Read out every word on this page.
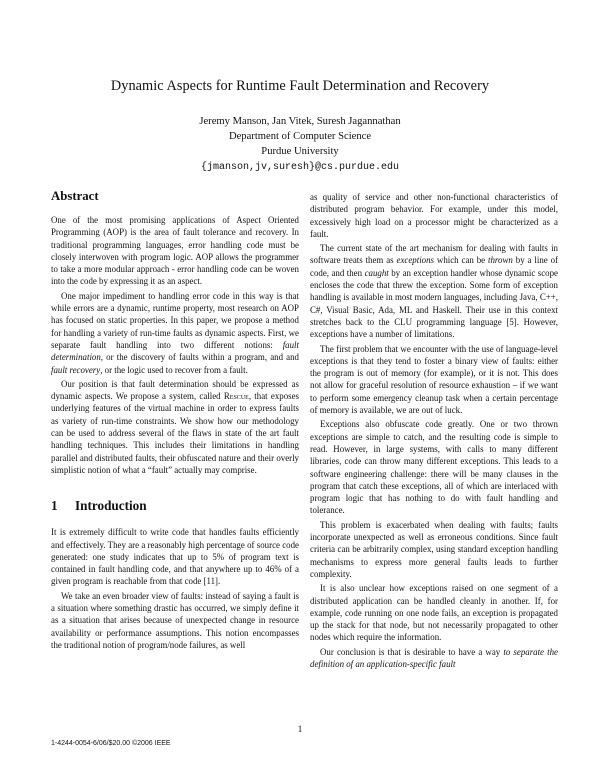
Dynamic Aspects for Runtime Fault Determination and Recovery
Jeremy Manson, Jan Vitek, Suresh Jagannathan
Department of Computer Science
Purdue University
{jmanson,jv,suresh}@cs.purdue.edu
Abstract

One of the most promising applications of Aspect Oriented Programming (AOP) is the area of fault tolerance and recovery. In traditional programming languages, error handling code must be closely interwoven with program logic. AOP allows the programmer to take a more modular approach - error handling code can be woven into the code by expressing it as an aspect.

One major impediment to handling error code in this way is that while errors are a dynamic, runtime property, most research on AOP has focused on static properties. In this paper, we propose a method for handling a variety of run-time faults as dynamic aspects. First, we separate fault handling into two different notions: fault determination, or the discovery of faults within a program, and and fault recovery, or the logic used to recover from a fault.

Our position is that fault determination should be expressed as dynamic aspects. We propose a system, called Rescue, that exposes underlying features of the virtual machine in order to express faults as variety of run-time constraints. We show how our methodology can be used to address several of the flaws in state of the art fault handling techniques. This includes their limitations in handling parallel and distributed faults, their obfuscated nature and their overly simplistic notion of what a “fault” actually may comprise.

1 Introduction

It is extremely difficult to write code that handles faults efficiently and effectively. They are a reasonably high percentage of source code generated: one study indicates that up to 5% of program text is contained in fault handling code, and that anywhere up to 46% of a given program is reachable from that code [11].

We take an even broader view of faults: instead of saying a fault is a situation where something drastic has occurred, we simply define it as a situation that arises because of unexpected change in resource availability or performance assumptions. This notion encompasses the traditional notion of program/node failures, as well

as quality of service and other non-functional characteristics of distributed program behavior. For example, under this model, excessively high load on a processor might be characterized as a fault.

The current state of the art mechanism for dealing with faults in software treats them as exceptions which can be thrown by a line of code, and then caught by an exception handler whose dynamic scope encloses the code that threw the exception. Some form of exception handling is available in most modern languages, including Java, C++, C#, Visual Basic, Ada, ML and Haskell. Their use in this context stretches back to the CLU programming language [5]. However, exceptions have a number of limitations.

The first problem that we encounter with the use of language-level exceptions is that they tend to foster a binary view of faults: either the program is out of memory (for example), or it is not. This does not allow for graceful resolution of resource exhaustion – if we want to perform some emergency cleanup task when a certain percentage of memory is available, we are out of luck.

Exceptions also obfuscate code greatly. One or two thrown exceptions are simple to catch, and the resulting code is simple to read. However, in large systems, with calls to many different libraries, code can throw many different exceptions. This leads to a software engineering challenge: there will be many clauses in the program that catch these exceptions, all of which are interlaced with program logic that has nothing to do with fault handling and tolerance.

This problem is exacerbated when dealing with faults; faults incorporate unexpected as well as erroneous conditions. Since fault criteria can be arbitrarily complex, using standard exception handling mechanisms to express more general faults leads to further complexity.

It is also unclear how exceptions raised on one segment of a distributed application can be handled cleanly in another. If, for example, code running on one node fails, an exception is propagated up the stack for that node, but not necessarily propagated to other nodes which require the information.

Our conclusion is that is desirable to have a way to separate the definition of an application-specific fault

1
1-4244-0054-6/06/$20.00 ©2006 IEEE
